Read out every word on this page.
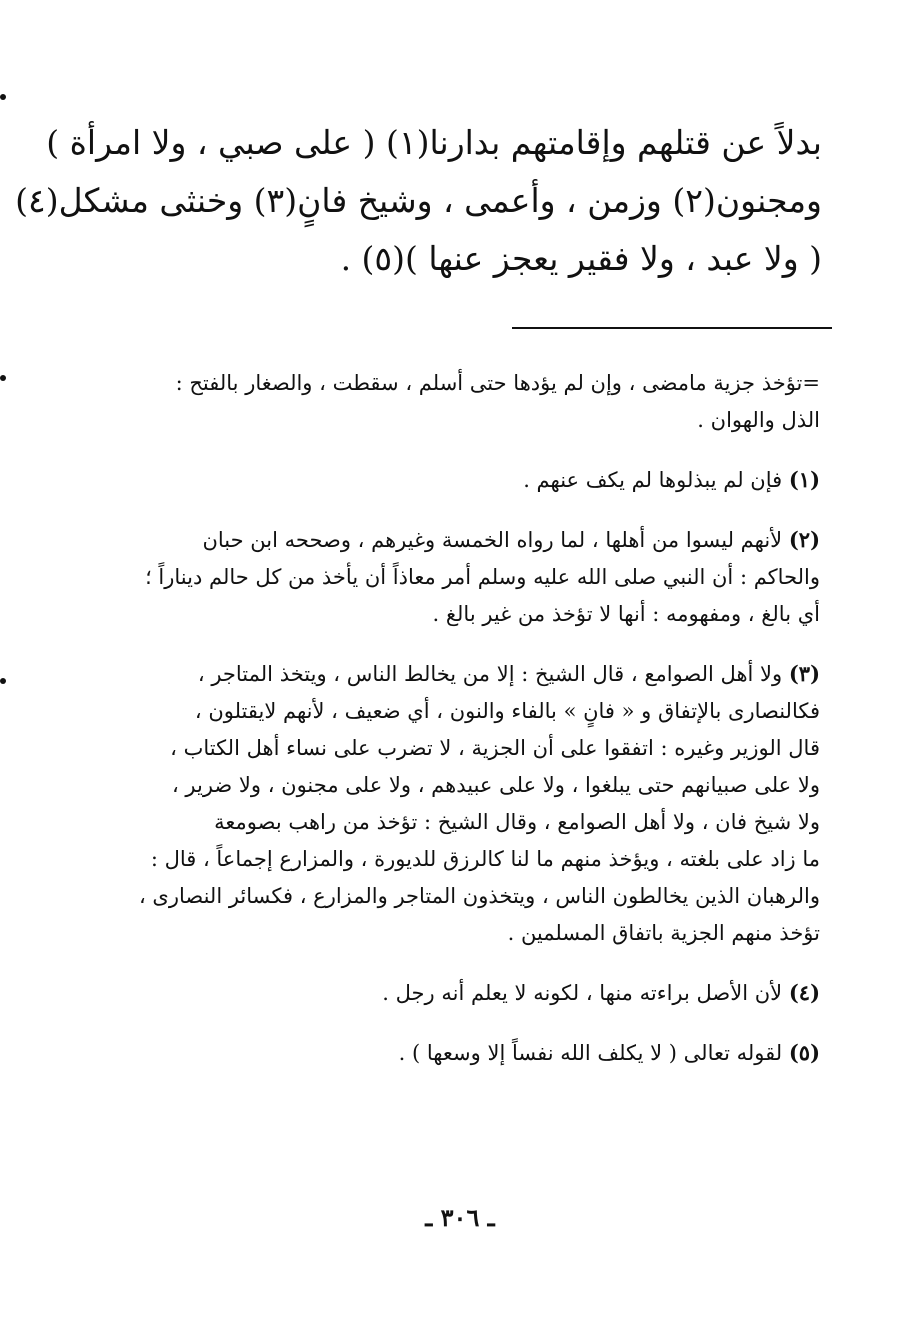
بدلاً عن قتلهم وإقامتهم بدارنا(١) ( على صبي ، ولا امرأة )
ومجنون(٢) وزمن ، وأعمى ، وشيخ فانٍ(٣) وخنثى مشكل(٤)
( ولا عبد ، ولا فقير يعجز عنها )(٥) .
=تؤخذ جزية مامضى ، وإن لم يؤدها حتى أسلم ، سقطت ، والصغار بالفتح :
الذل والهوان .
(١) فإن لم يبذلوها لم يكف عنهم .
(٢) لأنهم ليسوا من أهلها ، لما رواه الخمسة وغيرهم ، وصححه ابن حبان
والحاكم : أن النبي صلى الله عليه وسلم أمر معاذاً أن يأخذ من كل حالم ديناراً ؛
أي بالغ ، ومفهومه : أنها لا تؤخذ من غير بالغ .
(٣) ولا أهل الصوامع ، قال الشيخ : إلا من يخالط الناس ، ويتخذ المتاجر ،
فكالنصارى بالإتفاق و « فانٍ » بالفاء والنون ، أي ضعيف ، لأنهم لايقتلون ،
قال الوزير وغيره : اتفقوا على أن الجزية ، لا تضرب على نساء أهل الكتاب ،
ولا على صبيانهم حتى يبلغوا ، ولا على عبيدهم ، ولا على مجنون ، ولا ضرير ،
ولا شيخ فان ، ولا أهل الصوامع ، وقال الشيخ : تؤخذ من راهب بصومعة
ما زاد على بلغته ، ويؤخذ منهم ما لنا كالرزق للديورة ، والمزارع إجماعاً ، قال :
والرهبان الذين يخالطون الناس ، ويتخذون المتاجر والمزارع ، فكسائر النصارى ،
تؤخذ منهم الجزية باتفاق المسلمين .
(٤) لأن الأصل براءته منها ، لكونه لا يعلم أنه رجل .
(٥) لقوله تعالى ( لا يكلف الله نفساً إلا وسعها ) .
ـ ٣٠٦ ـ
